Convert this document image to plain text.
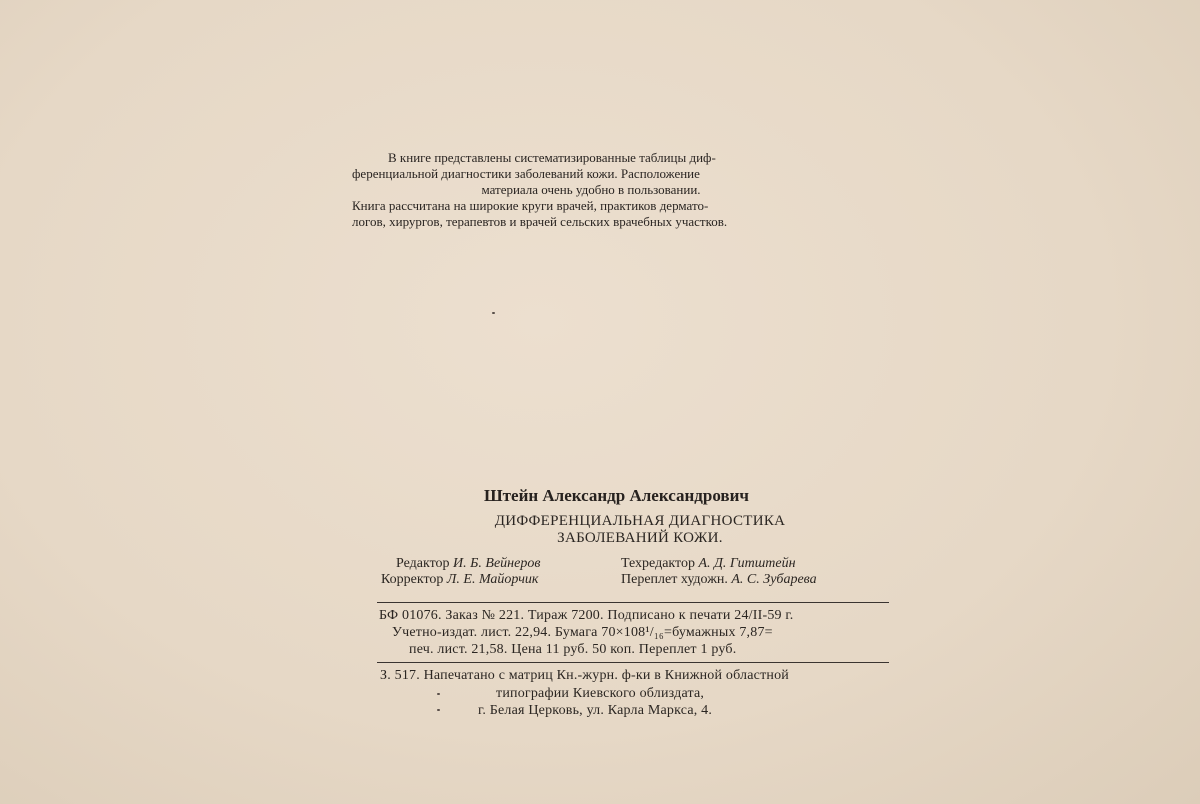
В книге представлены систематизированные таблицы диф-
ференциальной диагностики заболеваний кожи. Расположение
материала очень удобно в пользовании.
Книга рассчитана на широкие круги врачей, практиков дермато-
логов, хирургов, терапевтов и врачей сельских врачебных участков.
Штейн Александр Александрович
ДИФФЕРЕНЦИАЛЬНАЯ ДИАГНОСТИКА
ЗАБОЛЕВАНИЙ КОЖИ.
Редактор И. Б. Вейнеров
Корректор Л. Е. Майорчик
Техредактор А. Д. Гитштейн
Переплет художн. А. С. Зубарева
БФ 01076. Заказ № 221. Тираж 7200. Подписано к печати 24/II-59 г.
Учетно-издат. лист. 22,94. Бумага 70×108¹/₁₆=бумажных 7,87=
печ. лист. 21,58. Цена 11 руб. 50 коп. Переплет 1 руб.
З. 517. Напечатано с матриц Кн.-журн. ф-ки в Книжной областной
типографии Киевского облиздата,
г. Белая Церковь, ул. Карла Маркса, 4.
